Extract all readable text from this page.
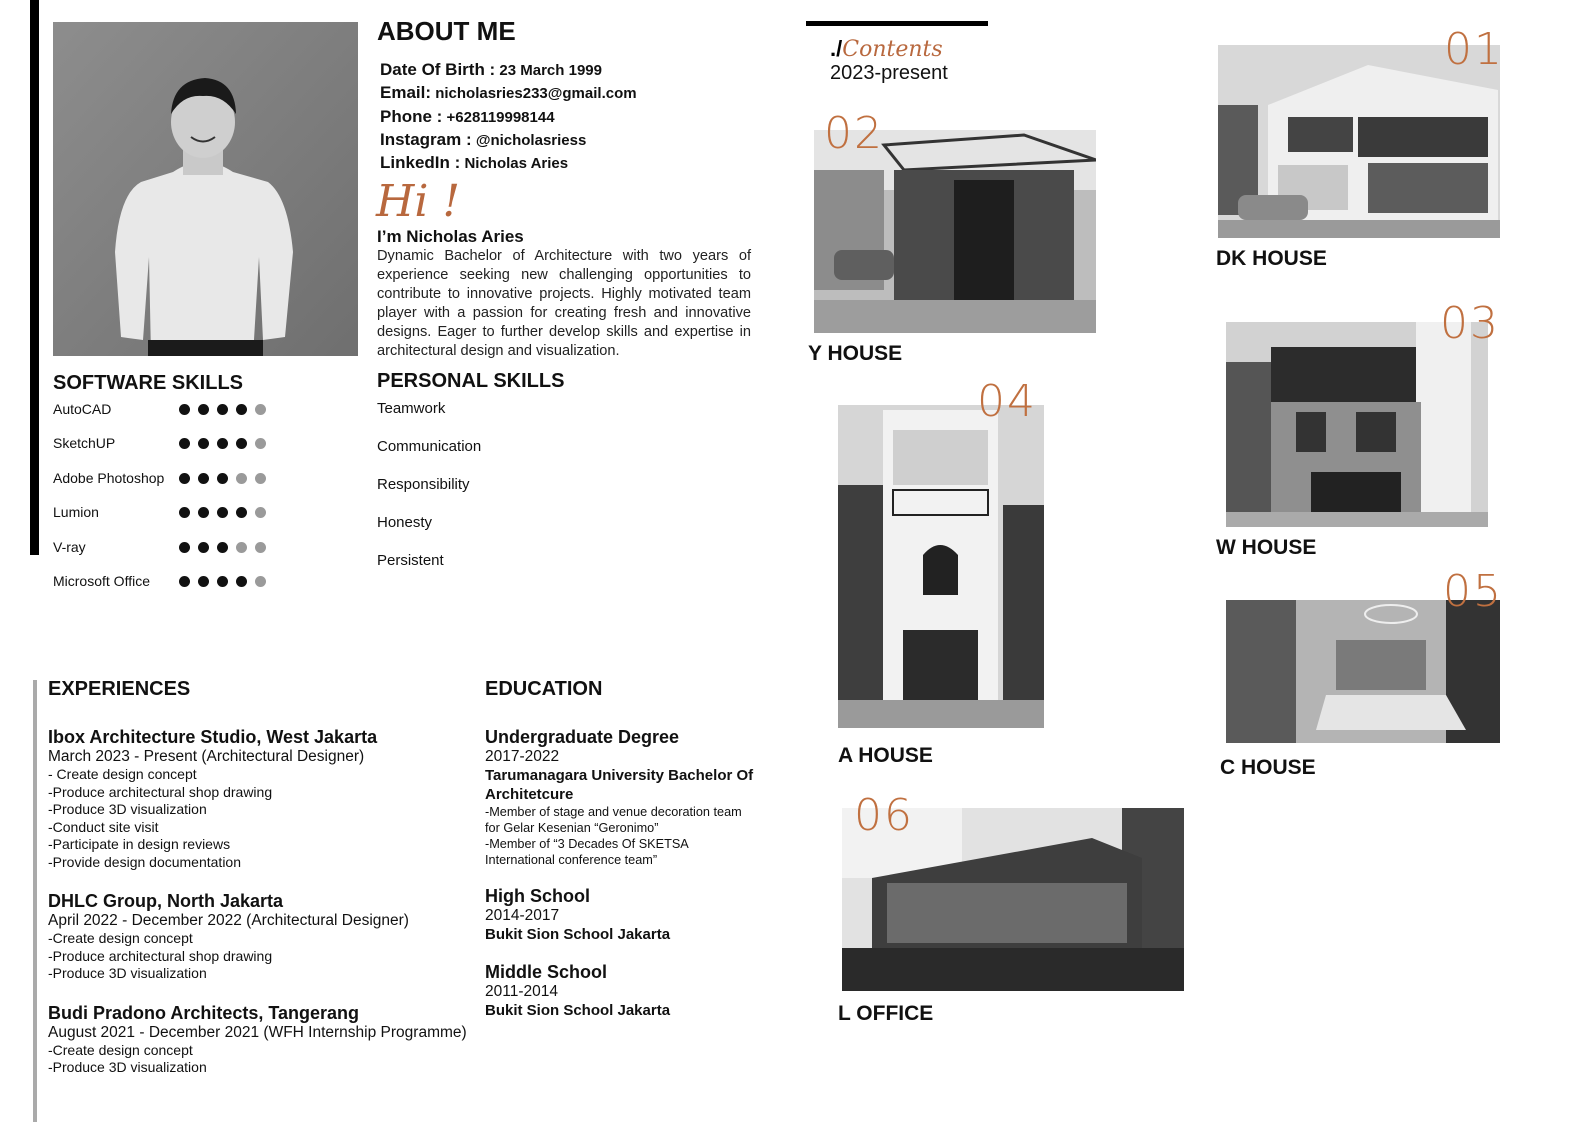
ABOUT ME
Date Of Birth : 23 March 1999
Email: nicholasries233@gmail.com
Phone : +628119998144
Instagram : @nicholasriess
LinkedIn : Nicholas Aries
Hi !
I’m Nicholas Aries
Dynamic Bachelor of Architecture with two years of experience seeking new challenging opportunities to contribute to innovative projects. Highly motivated team player with a passion for creating fresh and innovative designs. Eager to further develop skills and expertise in architectural design and visualization.
SOFTWARE SKILLS
AutoCAD
SketchUP
Adobe Photoshop
Lumion
V-ray
Microsoft Office
PERSONAL SKILLS
Teamwork
Communication
Responsibility
Honesty
Persistent
EXPERIENCES
Ibox Architecture Studio, West Jakarta
March 2023 - Present (Architectural Designer)
- Create design concept
-Produce architectural shop drawing
-Produce 3D visualization
-Conduct site visit
-Participate in design reviews
-Provide design documentation
DHLC Group, North Jakarta
April 2022 - December 2022 (Architectural Designer)
-Create design concept
-Produce architectural shop drawing
-Produce 3D visualization
Budi Pradono Architects, Tangerang
August 2021 - December 2021 (WFH Internship Programme)
-Create design concept
-Produce 3D visualization
EDUCATION
Undergraduate Degree
2017-2022
Tarumanagara University Bachelor Of Architetcure
-Member of stage and venue decoration team for Gelar Kesenian “Geronimo”
-Member of “3 Decades Of SKETSA International conference team”
High School
2014-2017
Bukit Sion School Jakarta
Middle School
2011-2014
Bukit Sion School Jakarta
./Contents
2023-present	01
DK HOUSE
02
Y HOUSE
03
W HOUSE
04
A HOUSE
05
C HOUSE
06
L OFFICE
